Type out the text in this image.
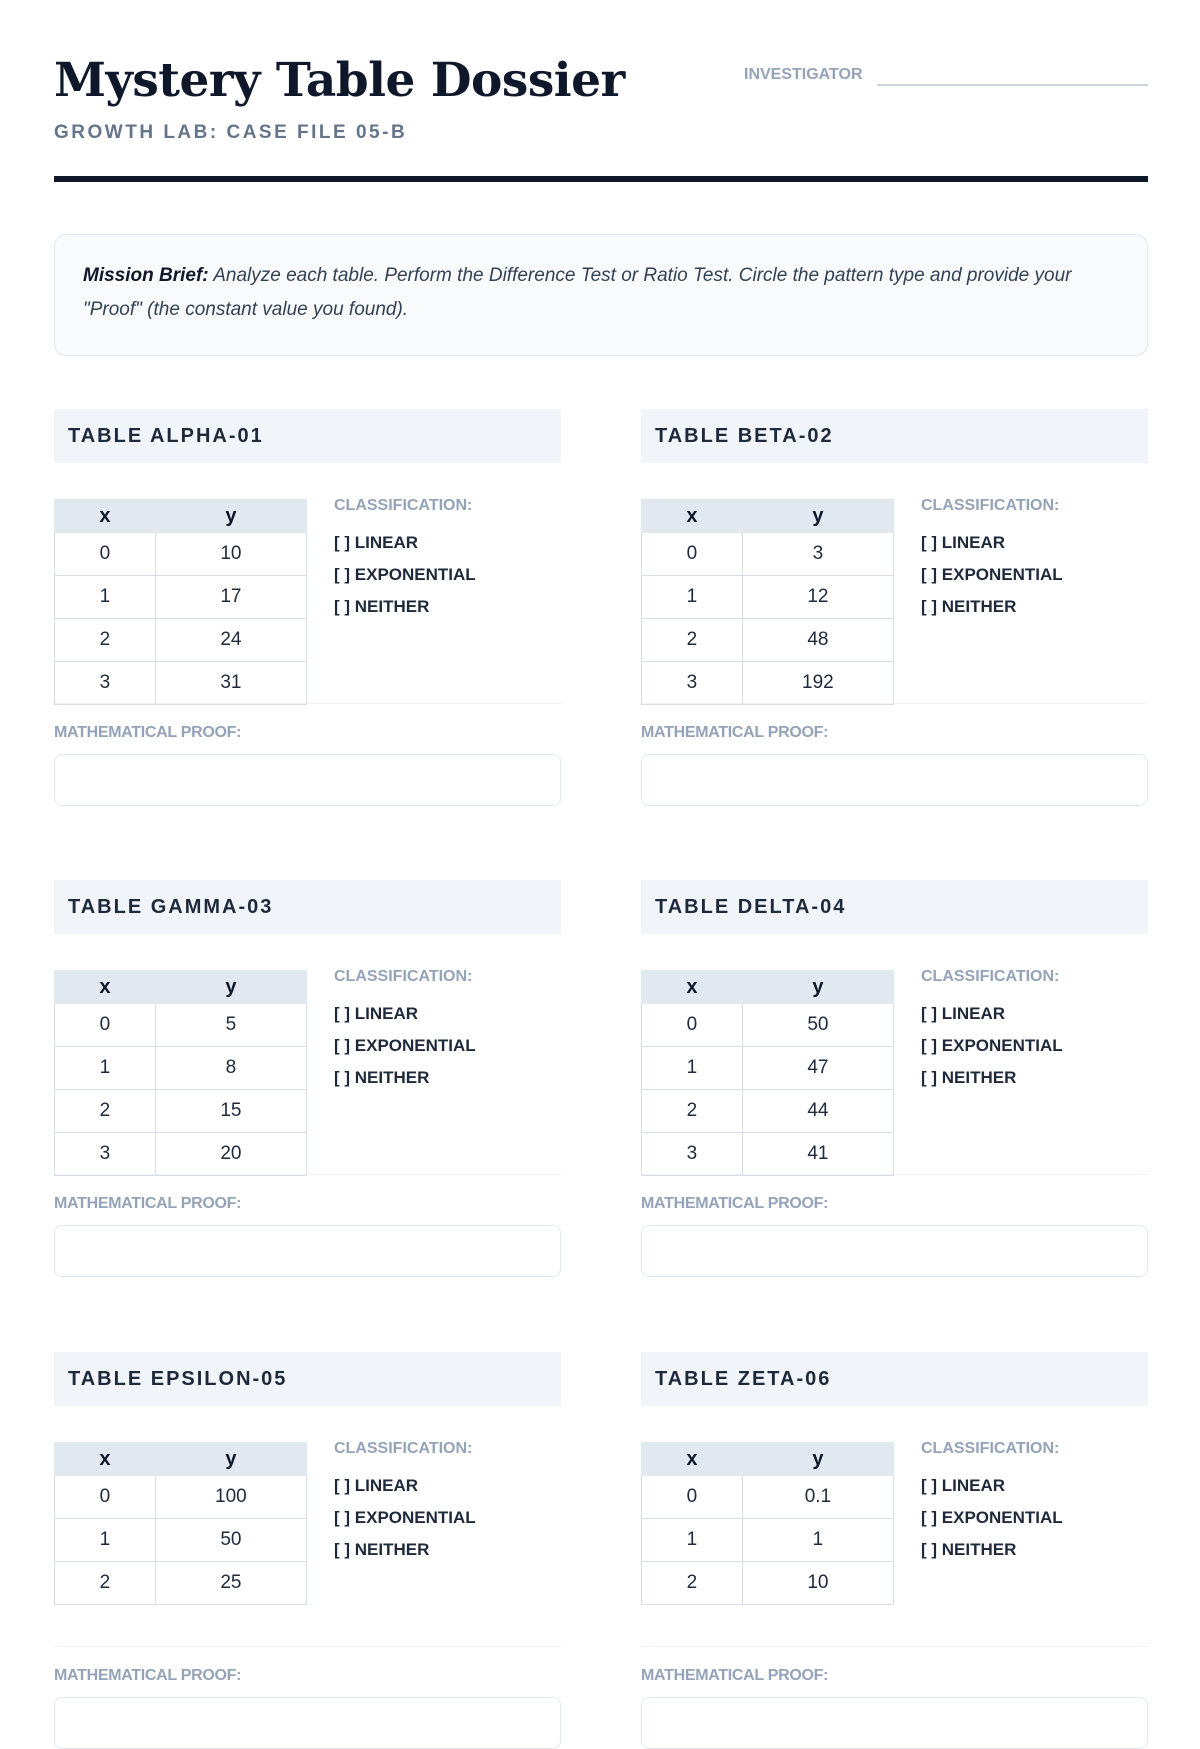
Mystery Table Dossier
GROWTH LAB: CASE FILE 05-B
INVESTIGATOR
Mission Brief: Analyze each table. Perform the Difference Test or Ratio Test. Circle the pattern type and provide your "Proof" (the constant value you found).
TABLE ALPHA-01
x	y
0	10
1	17
2	24
3	31
CLASSIFICATION:
[ ] LINEAR
[ ] EXPONENTIAL
[ ] NEITHER
MATHEMATICAL PROOF:
TABLE BETA-02
x	y
0	3
1	12
2	48
3	192
CLASSIFICATION:
[ ] LINEAR
[ ] EXPONENTIAL
[ ] NEITHER
MATHEMATICAL PROOF:
TABLE GAMMA-03
x	y
0	5
1	8
2	15
3	20
CLASSIFICATION:
[ ] LINEAR
[ ] EXPONENTIAL
[ ] NEITHER
MATHEMATICAL PROOF:
TABLE DELTA-04
x	y
0	50
1	47
2	44
3	41
CLASSIFICATION:
[ ] LINEAR
[ ] EXPONENTIAL
[ ] NEITHER
MATHEMATICAL PROOF:
TABLE EPSILON-05
x	y
0	100
1	50
2	25
CLASSIFICATION:
[ ] LINEAR
[ ] EXPONENTIAL
[ ] NEITHER
MATHEMATICAL PROOF:
TABLE ZETA-06
x	y
0	0.1
1	1
2	10
CLASSIFICATION:
[ ] LINEAR
[ ] EXPONENTIAL
[ ] NEITHER
MATHEMATICAL PROOF:
